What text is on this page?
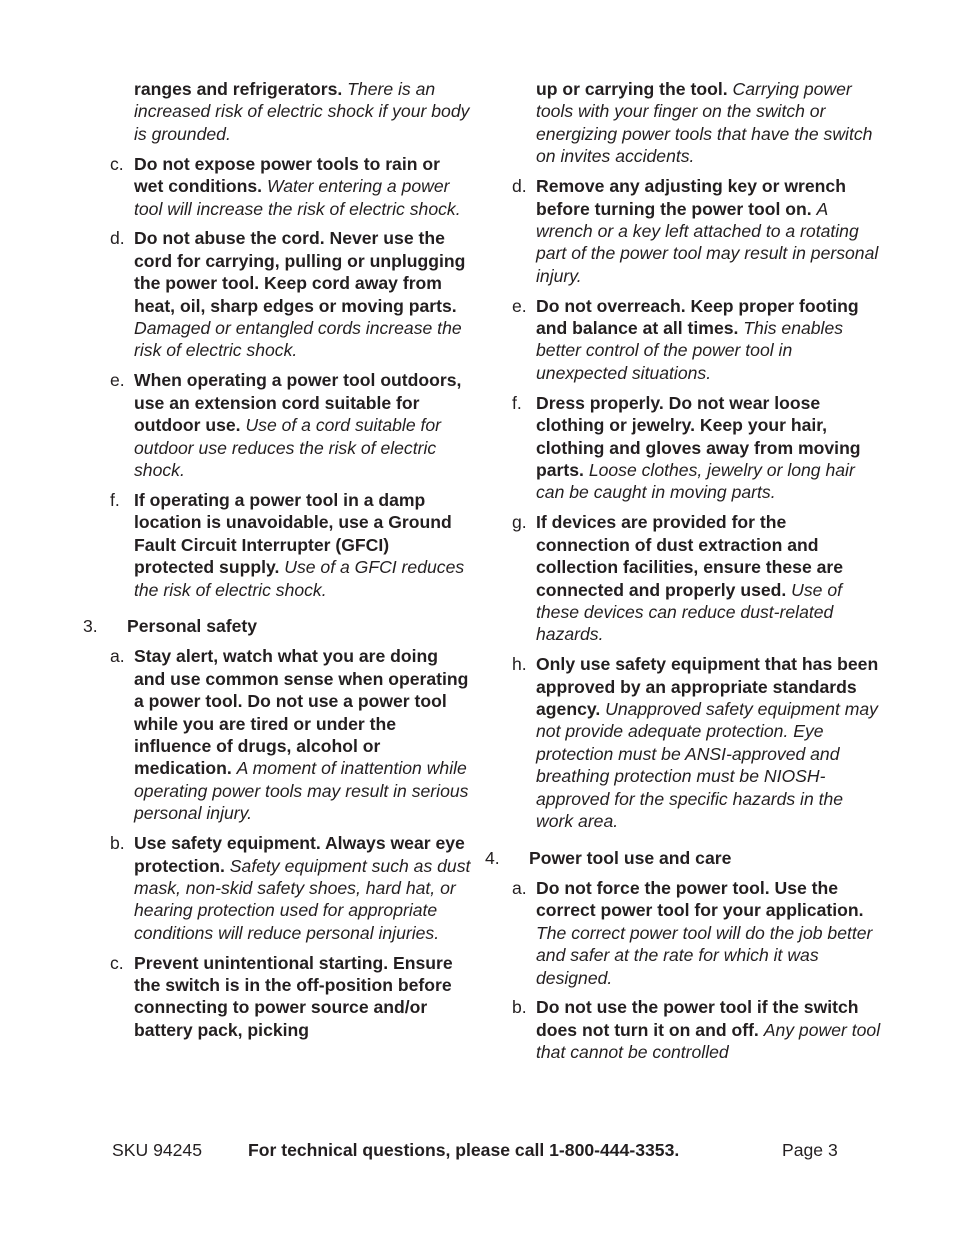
ranges and refrigerators. There is an increased risk of electric shock if your body is grounded.
c. Do not expose power tools to rain or wet conditions. Water entering a power tool will increase the risk of electric shock.
d. Do not abuse the cord. Never use the cord for carrying, pulling or unplugging the power tool. Keep cord away from heat, oil, sharp edges or moving parts. Damaged or entangled cords increase the risk of electric shock.
e. When operating a power tool outdoors, use an extension cord suitable for outdoor use. Use of a cord suitable for outdoor use reduces the risk of electric shock.
f. If operating a power tool in a damp location is unavoidable, use a Ground Fault Circuit Interrupter (GFCI) protected supply. Use of a GFCI reduces the risk of electric shock.
3. Personal safety
a. Stay alert, watch what you are doing and use common sense when operating a power tool. Do not use a power tool while you are tired or under the influence of drugs, alcohol or medication. A moment of inattention while operating power tools may result in serious personal injury.
b. Use safety equipment. Always wear eye protection. Safety equipment such as dust mask, non-skid safety shoes, hard hat, or hearing protection used for appropriate conditions will reduce personal injuries.
c. Prevent unintentional starting. Ensure the switch is in the off-position before connecting to power source and/or battery pack, picking
up or carrying the tool. Carrying power tools with your finger on the switch or energizing power tools that have the switch on invites accidents.
d. Remove any adjusting key or wrench before turning the power tool on. A wrench or a key left attached to a rotating part of the power tool may result in personal injury.
e. Do not overreach. Keep proper footing and balance at all times. This enables better control of the power tool in unexpected situations.
f. Dress properly. Do not wear loose clothing or jewelry. Keep your hair, clothing and gloves away from moving parts. Loose clothes, jewelry or long hair can be caught in moving parts.
g. If devices are provided for the connection of dust extraction and collection facilities, ensure these are connected and properly used. Use of these devices can reduce dust-related hazards.
h. Only use safety equipment that has been approved by an appropriate standards agency. Unapproved safety equipment may not provide adequate protection. Eye protection must be ANSI-approved and breathing protection must be NIOSH-approved for the specific hazards in the work area.
4. Power tool use and care
a. Do not force the power tool. Use the correct power tool for your application. The correct power tool will do the job better and safer at the rate for which it was designed.
b. Do not use the power tool if the switch does not turn it on and off. Any power tool that cannot be controlled
SKU 94245	For technical questions, please call 1-800-444-3353.	Page 3
